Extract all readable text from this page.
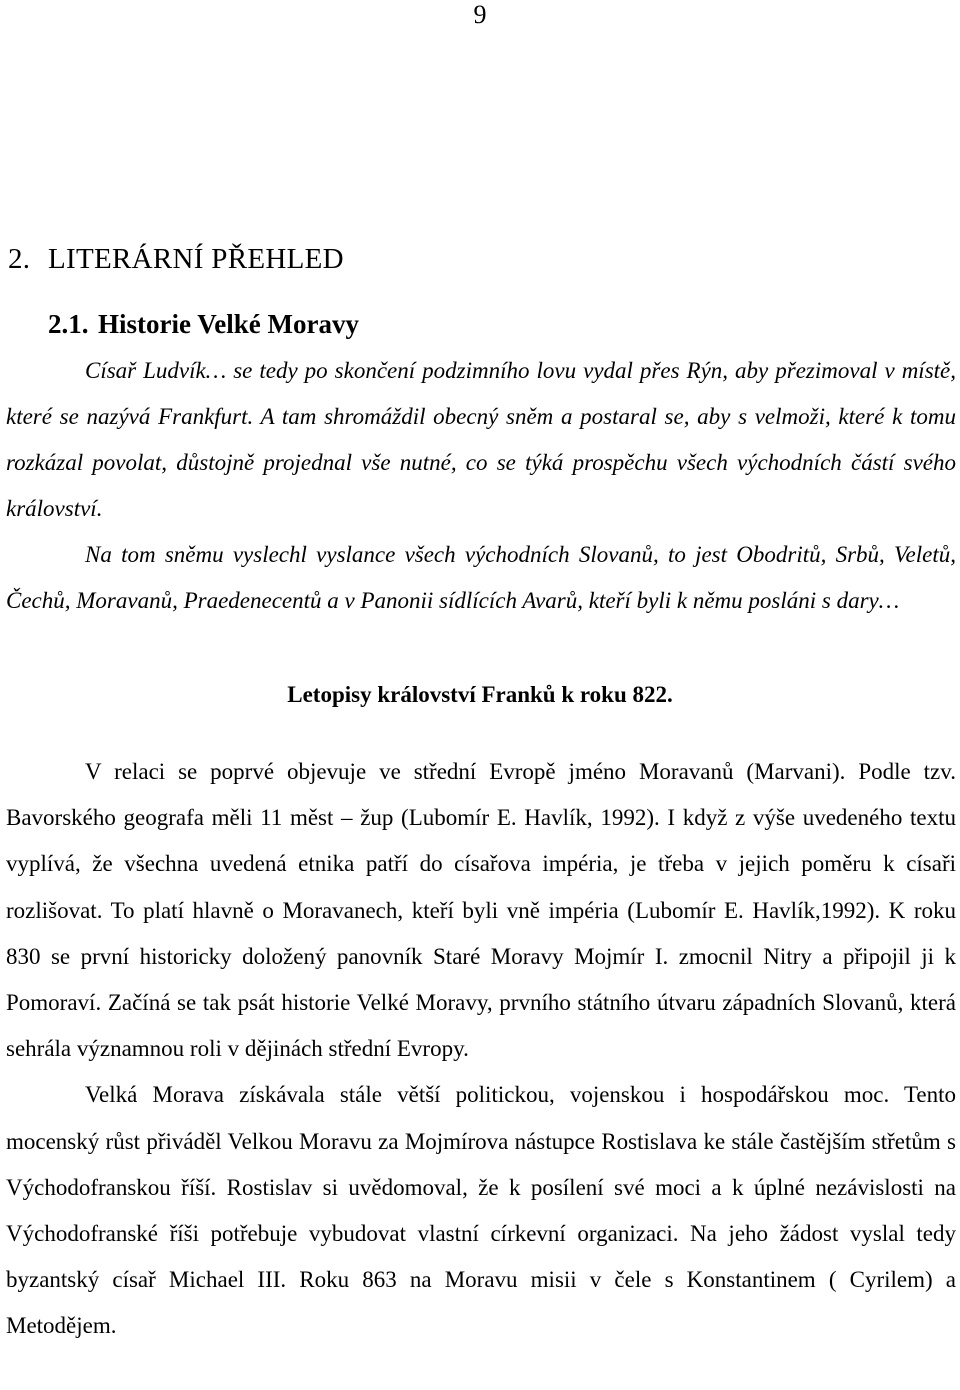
9
2. LITERÁRNÍ PŘEHLED
2.1. Historie Velké Moravy

Císař Ludvík… se tedy po skončení podzimního lovu vydal přes Rýn, aby přezimoval v místě, které se nazývá Frankfurt. A tam shromáždil obecný sněm a postaral se, aby s velmoži, které k tomu rozkázal povolat, důstojně projednal vše nutné, co se týká prospěchu všech východních částí svého království.

Na tom sněmu vyslechl vyslance všech východních Slovanů, to jest Obodritů, Srbů, Veletů, Čechů, Moravanů, Praedenecentů a v Panonii sídlících Avarů, kteří byli k němu posláni s dary…

Letopisy království Franků k roku 822.

V relaci se poprvé objevuje ve střední Evropě jméno Moravanů (Marvani). Podle tzv. Bavorského geografa měli 11 měst – žup (Lubomír E. Havlík, 1992). I když z výše uvedeného textu vyplívá, že všechna uvedená etnika patří do císařova impéria, je třeba v jejich poměru k císaři rozlišovat. To platí hlavně o Moravanech, kteří byli vně impéria (Lubomír E. Havlík,1992). K roku 830 se první historicky doložený panovník Staré Moravy Mojmír I. zmocnil Nitry a připojil ji k Pomoraví. Začíná se tak psát historie Velké Moravy, prvního státního útvaru západních Slovanů, která sehrála významnou roli v dějinách střední Evropy.

Velká Morava získávala stále větší politickou, vojenskou i hospodářskou moc. Tento mocenský růst přiváděl Velkou Moravu za Mojmírova nástupce Rostislava ke stále častějším střetům s Východofranskou říší. Rostislav si uvědomoval, že k posílení své moci a k úplné nezávislosti na Východofranské říši potřebuje vybudovat vlastní církevní organizaci. Na jeho žádost vyslal tedy byzantský císař Michael III. Roku 863 na Moravu misii v čele s Konstantinem ( Cyrilem) a Metodějem.
